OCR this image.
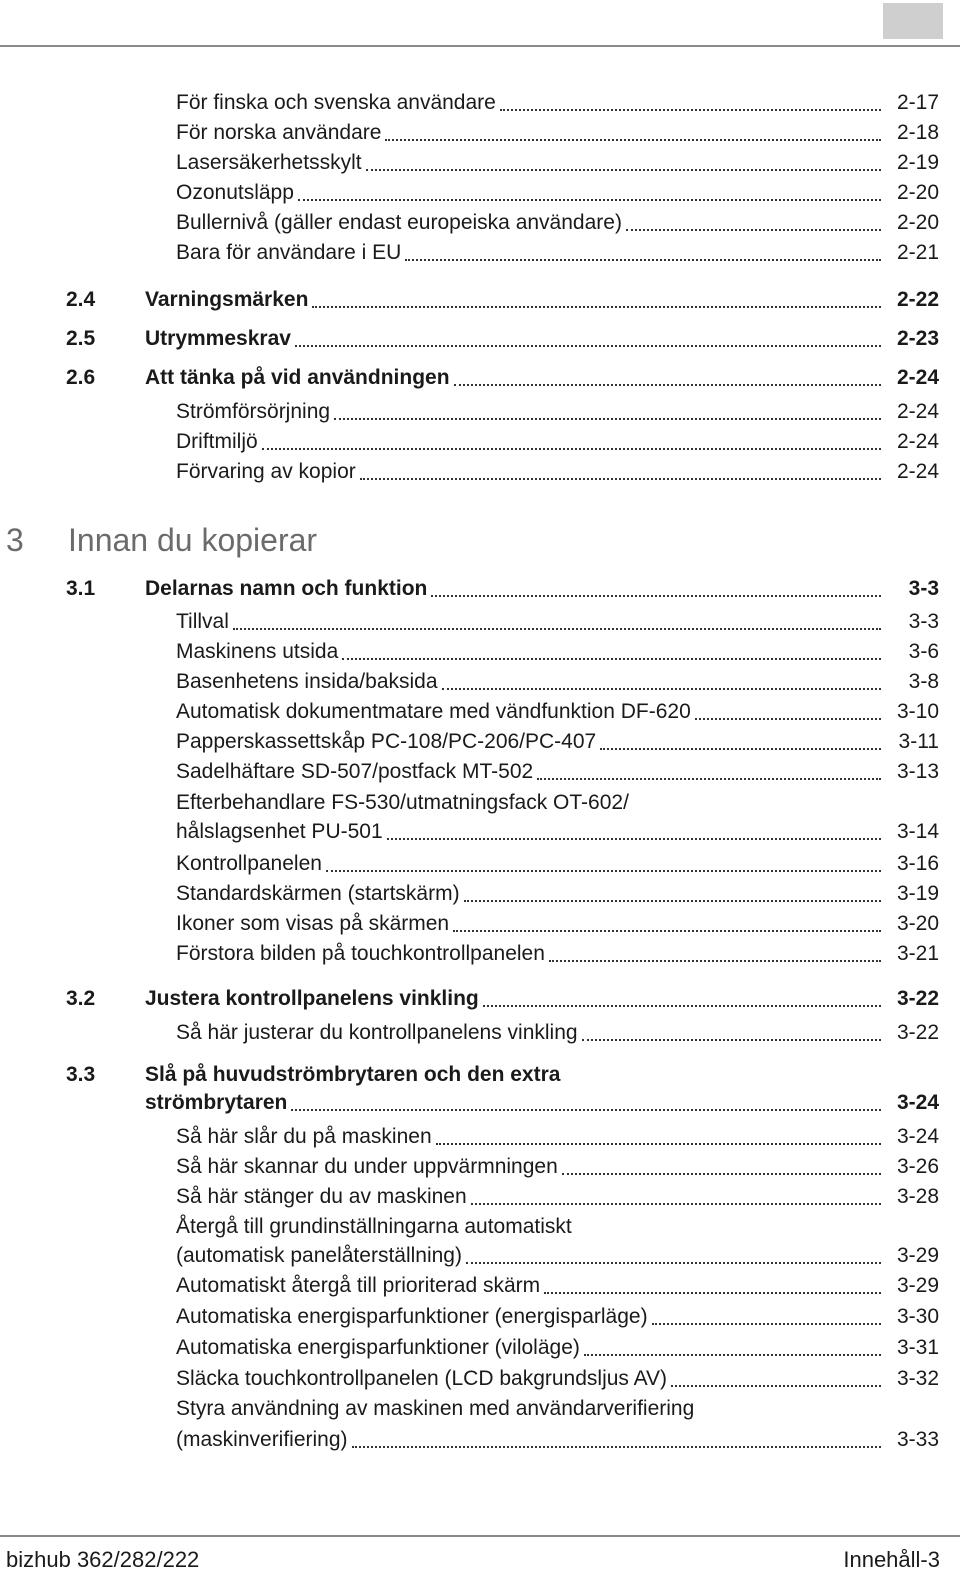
För finska och svenska användare	2-17
För norska användare	2-18
Lasersäkerhetsskylt	2-19
Ozonutsläpp	2-20
Bullernivå (gäller endast europeiska användare)	2-20
Bara för användare i EU	2-21
2.4 Varningsmärken	2-22
2.5 Utrymmeskrav	2-23
2.6 Att tänka på vid användningen	2-24
Strömförsörjning	2-24
Driftmiljö	2-24
Förvaring av kopior	2-24
3 Innan du kopierar
3.1 Delarnas namn och funktion	3-3
Tillval	3-3
Maskinens utsida	3-6
Basenhetens insida/baksida	3-8
Automatisk dokumentmatare med vändfunktion DF-620	3-10
Papperskassettskåp PC-108/PC-206/PC-407	3-11
Sadelhäftare SD-507/postfack MT-502	3-13
Efterbehandlare FS-530/utmatningsfack OT-602/
hålslagsenhet PU-501	3-14
Kontrollpanelen	3-16
Standardskärmen (startskärm)	3-19
Ikoner som visas på skärmen	3-20
Förstora bilden på touchkontrollpanelen	3-21
3.2 Justera kontrollpanelens vinkling	3-22
Så här justerar du kontrollpanelens vinkling	3-22
3.3 Slå på huvudströmbrytaren och den extra
strömbrytaren	3-24
Så här slår du på maskinen	3-24
Så här skannar du under uppvärmningen	3-26
Så här stänger du av maskinen	3-28
Återgå till grundinställningarna automatiskt
(automatisk panelåterställning)	3-29
Automatiskt återgå till prioriterad skärm	3-29
Automatiska energisparfunktioner (energisparläge)	3-30
Automatiska energisparfunktioner (viloläge)	3-31
Släcka touchkontrollpanelen (LCD bakgrundsljus AV)	3-32
Styra användning av maskinen med användarverifiering
(maskinverifiering)	3-33
bizhub 362/282/222	Innehåll-3
